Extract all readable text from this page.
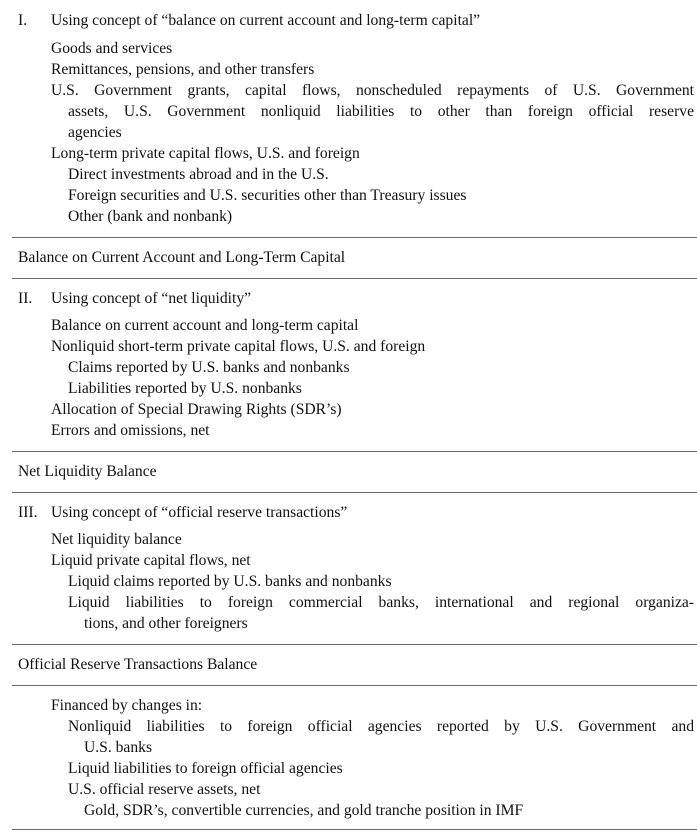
I. Using concept of “balance on current account and long-term capital”
Goods and services
Remittances, pensions, and other transfers
U.S. Government grants, capital flows, nonscheduled repayments of U.S. Government
assets, U.S. Government nonliquid liabilities to other than foreign official reserve
agencies
Long-term private capital flows, U.S. and foreign
Direct investments abroad and in the U.S.
Foreign securities and U.S. securities other than Treasury issues
Other (bank and nonbank)
Balance on Current Account and Long-Term Capital
II. Using concept of “net liquidity”
Balance on current account and long-term capital
Nonliquid short-term private capital flows, U.S. and foreign
Claims reported by U.S. banks and nonbanks
Liabilities reported by U.S. nonbanks
Allocation of Special Drawing Rights (SDR’s)
Errors and omissions, net
Net Liquidity Balance
III. Using concept of “official reserve transactions”
Net liquidity balance
Liquid private capital flows, net
Liquid claims reported by U.S. banks and nonbanks
Liquid liabilities to foreign commercial banks, international and regional organiza-
tions, and other foreigners
Official Reserve Transactions Balance
Financed by changes in:
Nonliquid liabilities to foreign official agencies reported by U.S. Government and
U.S. banks
Liquid liabilities to foreign official agencies
U.S. official reserve assets, net
Gold, SDR’s, convertible currencies, and gold tranche position in IMF
